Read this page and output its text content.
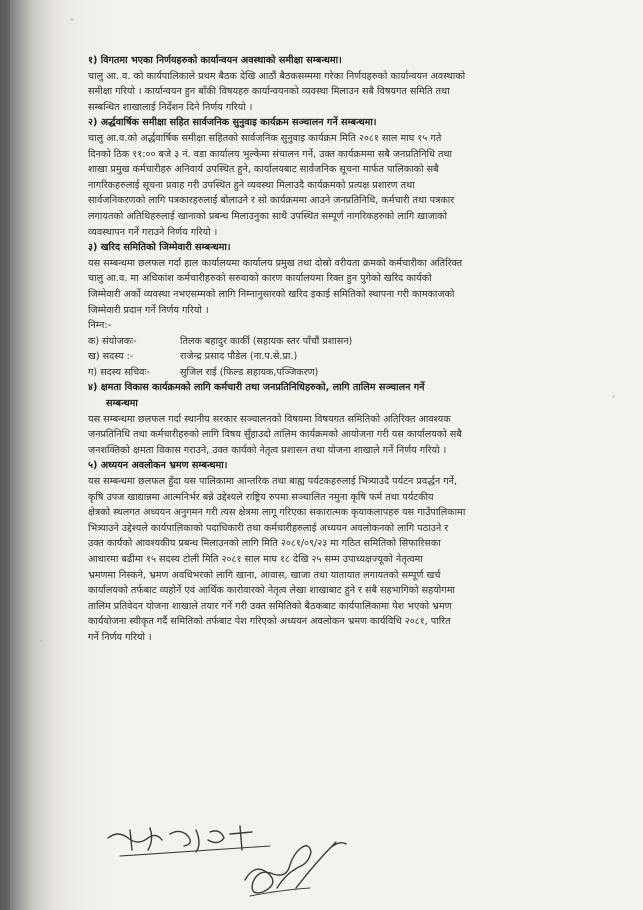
१) विगतमा भएका निर्णयहरुको कार्यान्वयन अवस्थाको समीक्षा सम्बन्धमा।
चालु आ. व. को कार्यपालिकाले प्रथम बैठक देखि आठौं बैठकसम्ममा गरेका निर्णयहरुको कार्यान्वयन अवस्थाको
समीक्षा गरियो । कार्यान्वयन हुन बाँकी विषयहरु कार्यान्वयनको व्यवस्था मिलाउन सबै विषयगत समिति तथा
सम्बन्धित शाखालाई निर्देशन दिने निर्णय गरियो ।
२) अर्द्धवार्षिक समीक्षा सहित सार्वजनिक सुनुवाइ कार्यक्रम सञ्चालन गर्ने सम्बन्धमा।
चालु आ.व.को अर्द्धवार्षिक समीक्षा सहितको सार्वजनिक सुनुवाइ कार्यक्रम मिति २०८१ साल माघ १५ गते
दिनको ठिक ११:०० बजे ३ नं. वडा कार्यालय भुल्केमा संचालन गर्ने, उक्त कार्यक्रममा सबै जनप्रतिनिधि तथा
शाखा प्रमुख कर्मचारीहरु अनिवार्य उपस्थित हुने, कार्यालयबाट सार्वजनिक सूचना मार्फत पालिकाको सबै
नागरिकहरुलाई सूचना प्रवाह गरी उपस्थित हुने व्यवस्था मिलाउदै कार्यक्रमको प्रत्यक्ष प्रशारण तथा
सार्वजनिकरणको लागि पत्रकारहरुलाई बोलाउने र सो कार्यक्रममा आउने जनप्रतिनिधि, कर्मचारी तथा पत्रकार
लगायतको अतिथिहरुलाई खानाको प्रबन्ध मिलाउनुका साथै उपस्थित सम्पूर्ण नागरिकहरुको लागि खाजाको
व्यवस्थापन गर्ने गराउने निर्णय गरियो ।
३) खरिद समितिको जिम्मेवारी सम्बन्धमा।
यस सम्बन्धमा छलफल गर्दा हाल कार्यालयमा कार्यालय प्रमुख तथा दोस्रो वरीयता क्रमको कर्मचारीका अतिरिक्त
चालु आ.व. मा अधिकांश कर्मचारीहरुको सरुवाको कारण कार्यालयमा रिक्त हुन पुगेको खरिद कार्यको
जिम्मेवारी अर्को व्यवस्था नभएसम्मको लागि निम्नानुसारको खरिद इकाई समितिको स्थापना गरी कामकाजको
जिम्मेवारी प्रदान गर्ने निर्णय गरियो ।
निम्न:-
क) संयोजकः-	तिलक बहादुर कार्की (सहायक स्तर पाँचौं प्रशासन)
ख) सदस्य :-	राजेन्द्र प्रसाद पौडेल (ना.प.से.प्रा.)
ग) सदस्य सचिवः-	सुजिल राई (फिल्ड सहायक,पञ्जिकरण)
४) क्षमता विकास कार्यक्रमको लागि कर्मचारी तथा जनप्रतिनिधिहरुको, लागि तालिम सञ्चालन गर्ने
सम्बन्धमा
यस सम्बन्धमा छलफल गर्दा स्थानीय सरकार सञ्चालनको विषयमा विषयगत समितिको अतिरिक्त आवश्यक
जनप्रतिनिधि तथा कर्मचारीहरुको लागि विषय सुँहाउदो तालिम कार्यक्रमको आयोजना गरी यस कार्यालयको सबै
जनशक्तिको क्षमता विकास गराउने, उक्त कार्यको नेतृत्व प्रशासन तथा योजना शाखाले गर्ने निर्णय गरियो ।
५) अध्ययन अवलोकन भ्रमण सम्बन्धमा।
यस सम्बन्धमा छलफल हुँदा यस पालिकामा आन्तरिक तथा बाह्य पर्यटकहरुलाई भित्र्याउदै पर्यटन प्रवर्द्धन गर्ने,
कृषि उपज खाद्यान्नमा आत्मनिर्भर बन्ने उद्देश्यले राष्ट्रिय रुपमा सञ्चालित नमुना कृषि फर्म तथा पर्यटकीय
क्षेत्रको स्थलगत अध्ययन अनुगमन गरी त्यस क्षेत्रमा लागू गरिएका सकारात्मक कृयाकलापहरु यस गाउँपालिकामा
भित्र्याउने उद्देश्यले कार्यपालिकाको पदाधिकारी तथा कर्मचारीहरुलाई अध्ययन अवलोकनको लागि पठाउने र
उक्त कार्यको आवश्यकीय प्रबन्ध मिलाउनको लागि मिति २०८१/०९/२३ मा गठित समितिको सिफारिसका
आधारमा बढीमा १५ सदस्य टोली मिति २०८१ साल माघ १८ देखि २५ सम्म उपाध्यक्षज्यूको नेतृत्वमा
भ्रमणमा निस्कने, भ्रमण अवधिभरको लागि खाना, आवास, खाजा तथा यातायात लगायतको सम्पूर्ण खर्च
कार्यालयको तर्फबाट व्यहोर्ने एवं आर्थिक कारोवारको नेतृत्व लेखा शाखाबाट हुने र सबै सहभागिको सहयोगमा
तालिम प्रतिवेदन योजना शाखाले तयार गर्ने गरी उक्त समितिको बैठकबाट कार्यपालिकामा पेश भएको भ्रमण
कार्ययोजना स्वीकृत गर्दै समितिको तर्फबाट पेश गरिएको अध्ययन अवलोकन भ्रमण कार्यविधि २०८१, पारित
गर्ने निर्णय गरियो ।
